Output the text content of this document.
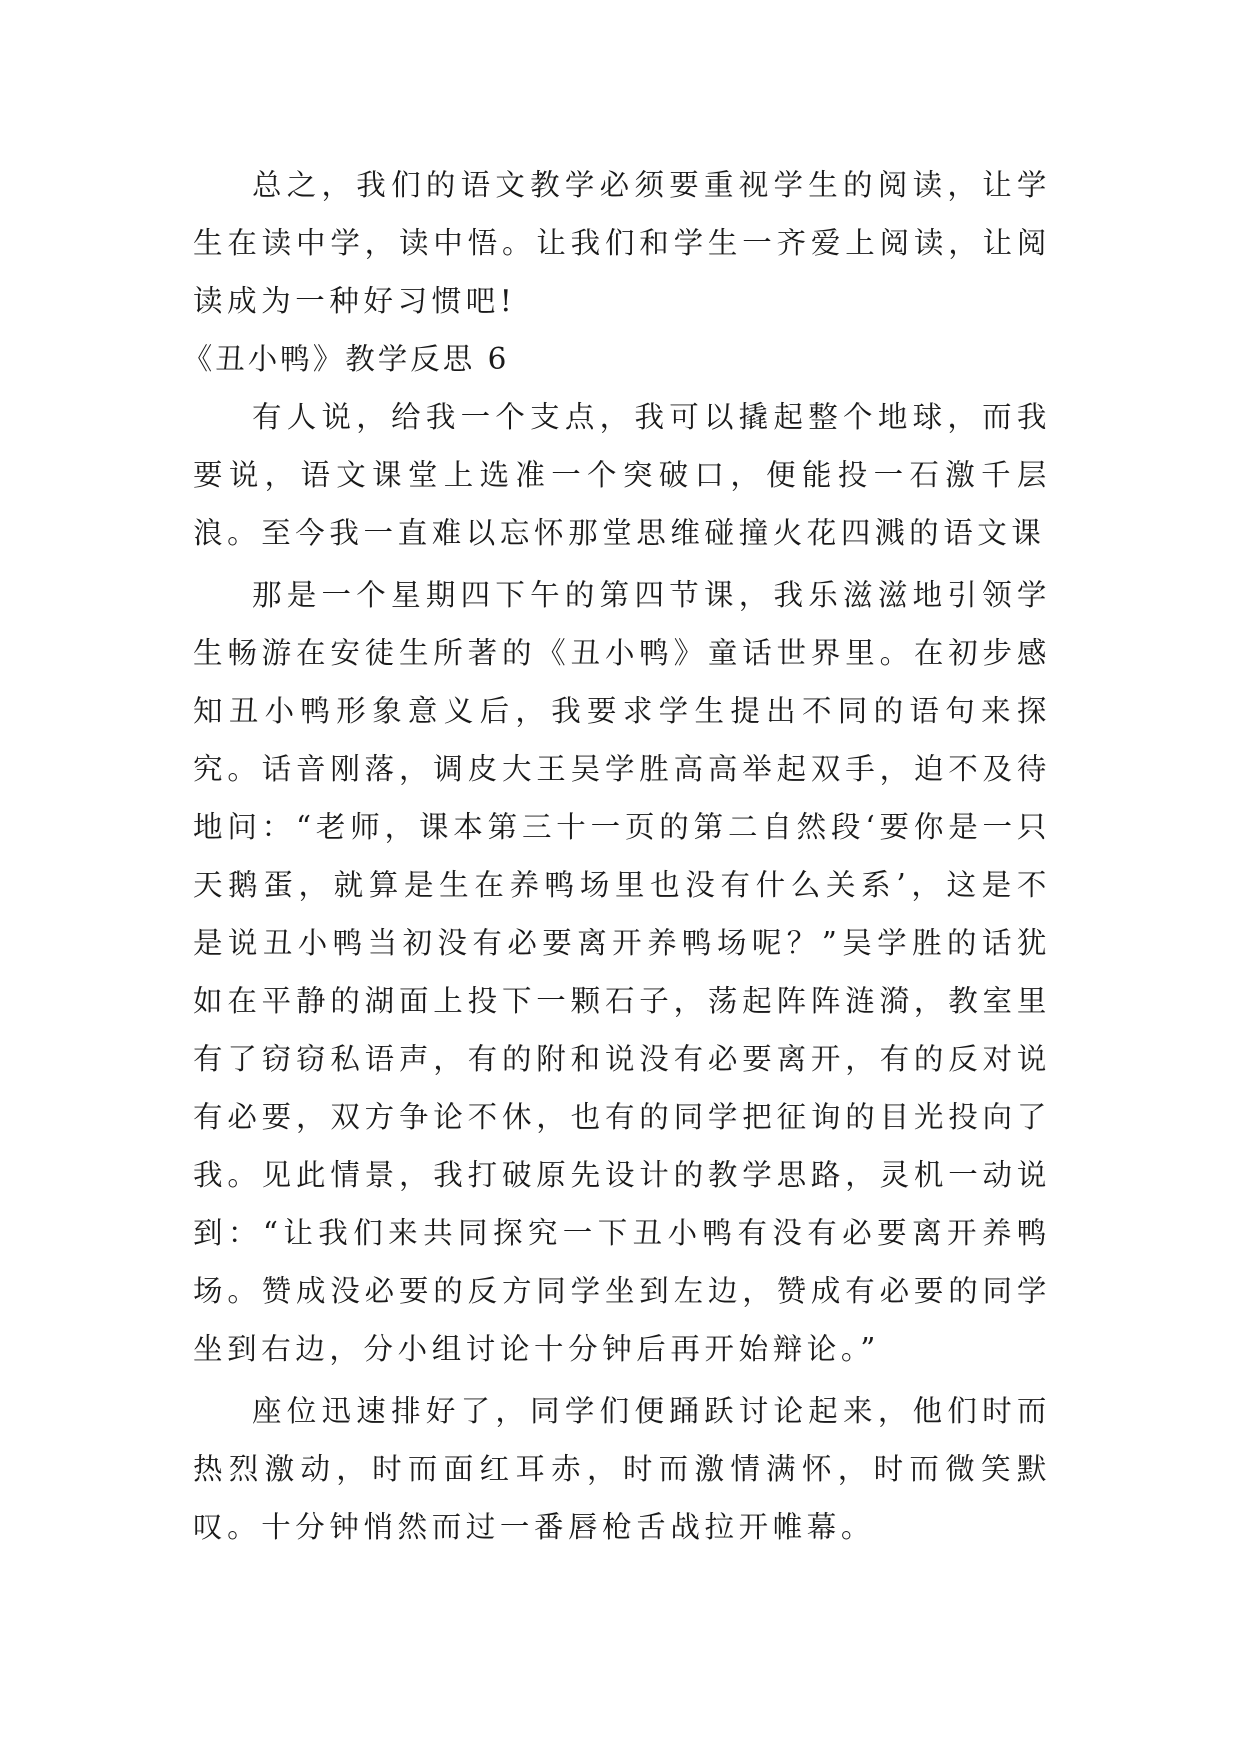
总之，我们的语文教学必须要重视学生的阅读，让学生在读中学，读中悟。让我们和学生一齐爱上阅读，让阅读成为一种好习惯吧!

《丑小鸭》教学反思 6

有人说，给我一个支点，我可以撬起整个地球，而我要说，语文课堂上选准一个突破口，便能投一石激千层浪。至今我一直难以忘怀那堂思维碰撞火花四溅的语文课

那是一个星期四下午的第四节课，我乐滋滋地引领学生畅游在安徒生所著的《丑小鸭》童话世界里。在初步感知丑小鸭形象意义后，我要求学生提出不同的语句来探究。话音刚落，调皮大王吴学胜高高举起双手，迫不及待地问：“老师，课本第三十一页的第二自然段‘要你是一只天鹅蛋，就算是生在养鸭场里也没有什么关系’，这是不是说丑小鸭当初没有必要离开养鸭场呢？”吴学胜的话犹如在平静的湖面上投下一颗石子，荡起阵阵涟漪，教室里有了窃窃私语声，有的附和说没有必要离开，有的反对说有必要，双方争论不休，也有的同学把征询的目光投向了我。见此情景，我打破原先设计的教学思路，灵机一动说到：“让我们来共同探究一下丑小鸭有没有必要离开养鸭场。赞成没必要的反方同学坐到左边，赞成有必要的同学坐到右边，分小组讨论十分钟后再开始辩论。”

座位迅速排好了，同学们便踊跃讨论起来，他们时而热烈激动，时而面红耳赤，时而激情满怀，时而微笑默叹。十分钟悄然而过一番唇枪舌战拉开帷幕。
